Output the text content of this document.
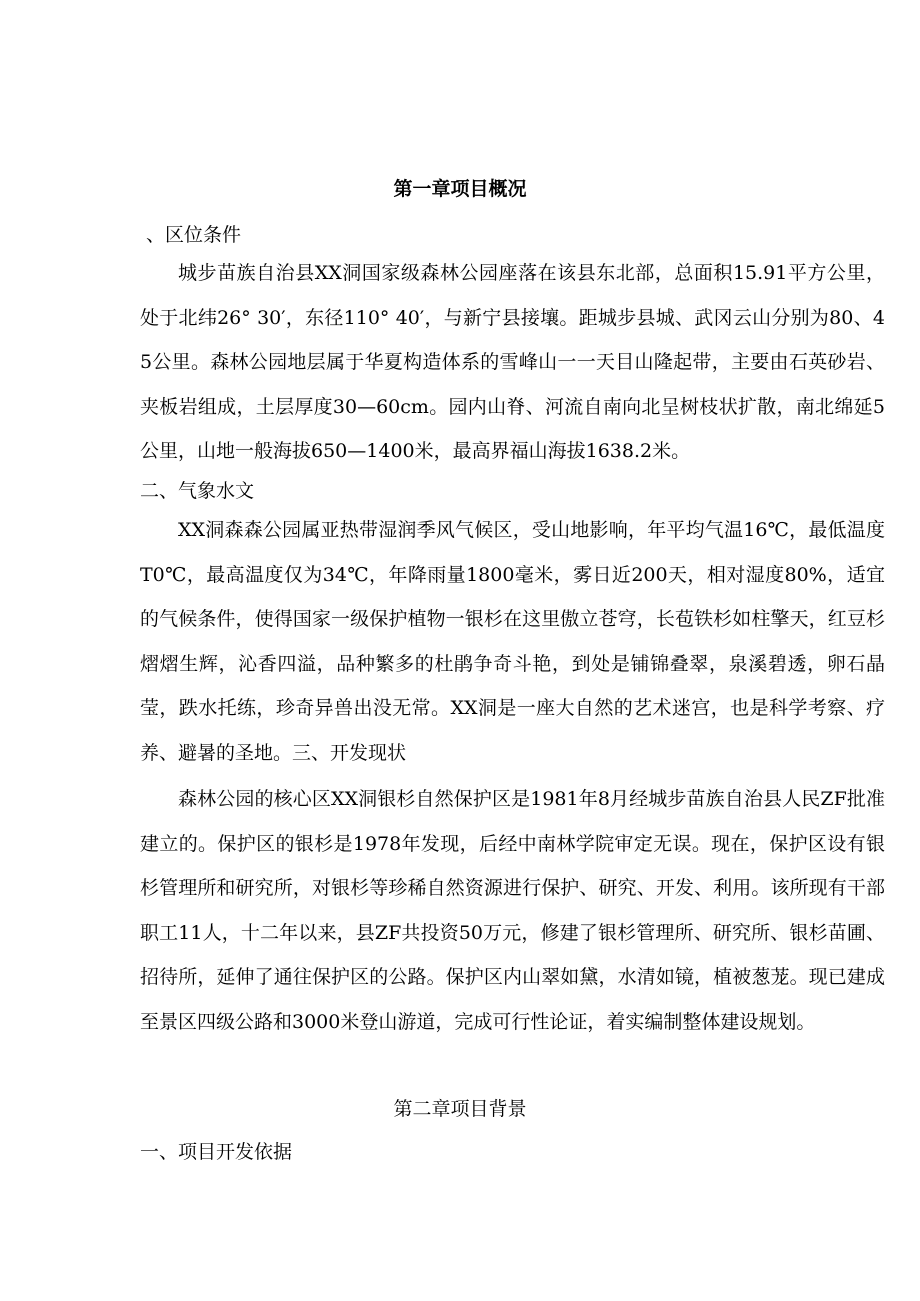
第一章项目概况
、区位条件

城步苗族自治县XX洞国家级森林公园座落在该县东北部，总面积15.91平方公里，处于北纬26° 30′，东径110° 40′，与新宁县接壤。距城步县城、武冈云山分别为80、45公里。森林公园地层属于华夏构造体系的雪峰山一一天目山隆起带，主要由石英砂岩、夹板岩组成，土层厚度30—60cm。园内山脊、河流自南向北呈树枝状扩散，南北绵延5公里，山地一般海拔650—1400米，最高界福山海拔1638.2米。

二、气象水文

XX洞森森公园属亚热带湿润季风气候区，受山地影响，年平均气温16℃，最低温度T0℃，最高温度仅为34℃，年降雨量1800毫米，雾日近200天，相对湿度80%，适宜的气候条件，使得国家一级保护植物一银杉在这里傲立苍穹，长苞铁杉如柱擎天，红豆杉熠熠生辉，沁香四溢，品种繁多的杜鹃争奇斗艳，到处是铺锦叠翠，泉溪碧透，卵石晶莹，跌水托练，珍奇异兽出没无常。XX洞是一座大自然的艺术迷宫，也是科学考察、疗养、避暑的圣地。三、开发现状

森林公园的核心区XX洞银杉自然保护区是1981年8月经城步苗族自治县人民ZF批准建立的。保护区的银杉是1978年发现，后经中南林学院审定无误。现在，保护区设有银杉管理所和研究所，对银杉等珍稀自然资源进行保护、研究、开发、利用。该所现有干部职工11人，十二年以来，县ZF共投资50万元，修建了银杉管理所、研究所、银杉苗圃、招待所，延伸了通往保护区的公路。保护区内山翠如黛，水清如镜，植被葱茏。现已建成至景区四级公路和3000米登山游道，完成可行性论证，着实编制整体建设规划。

第二章项目背景
一、项目开发依据
